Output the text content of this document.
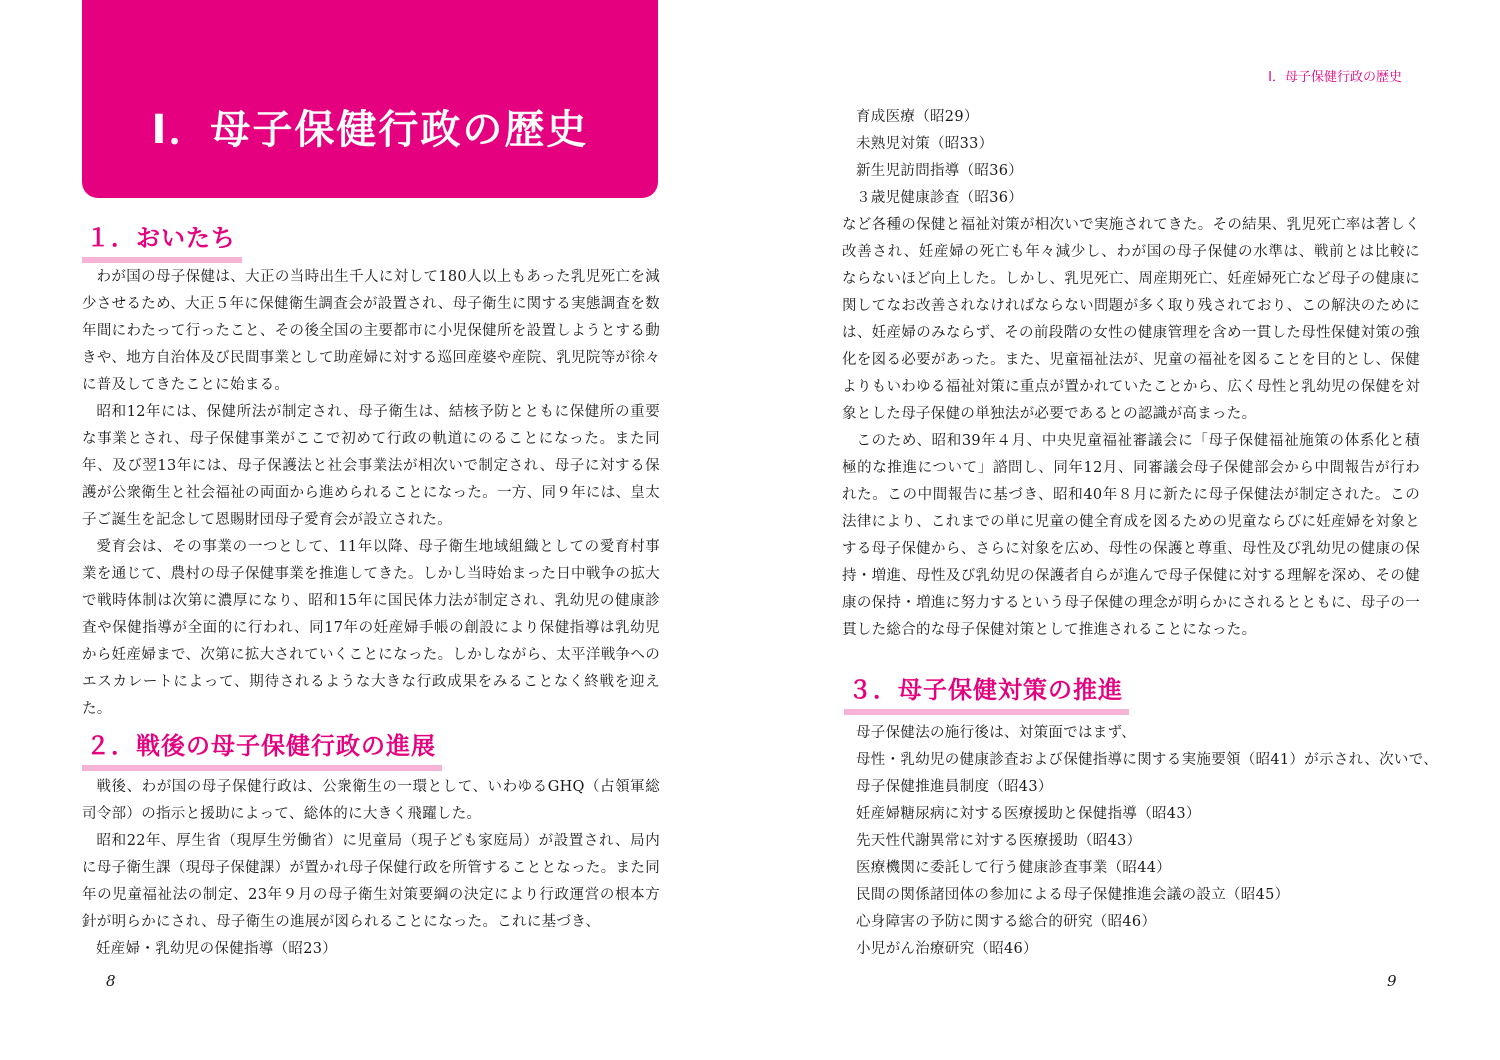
Ⅰ．母子保健行政の歴史
１．おいたち

わが国の母子保健は、大正の当時出生千人に対して180人以上もあった乳児死亡を減少させるため、大正５年に保健衛生調査会が設置され、母子衛生に関する実態調査を数年間にわたって行ったこと、その後全国の主要都市に小児保健所を設置しようとする動きや、地方自治体及び民間事業として助産婦に対する巡回産婆や産院、乳児院等が徐々に普及してきたことに始まる。

昭和12年には、保健所法が制定され、母子衛生は、結核予防とともに保健所の重要な事業とされ、母子保健事業がここで初めて行政の軌道にのることになった。また同年、及び翌13年には、母子保護法と社会事業法が相次いで制定され、母子に対する保護が公衆衛生と社会福祉の両面から進められることになった。一方、同９年には、皇太子ご誕生を記念して恩賜財団母子愛育会が設立された。

愛育会は、その事業の一つとして、11年以降、母子衛生地域組織としての愛育村事業を通じて、農村の母子保健事業を推進してきた。しかし当時始まった日中戦争の拡大で戦時体制は次第に濃厚になり、昭和15年に国民体力法が制定され、乳幼児の健康診査や保健指導が全面的に行われ、同17年の妊産婦手帳の創設により保健指導は乳幼児から妊産婦まで、次第に拡大されていくことになった。しかしながら、太平洋戦争へのエスカレートによって、期待されるような大きな行政成果をみることなく終戦を迎えた。

２．戦後の母子保健行政の進展

戦後、わが国の母子保健行政は、公衆衛生の一環として、いわゆるGHQ（占領軍総司令部）の指示と援助によって、総体的に大きく飛躍した。

昭和22年、厚生省（現厚生労働省）に児童局（現子ども家庭局）が設置され、局内に母子衛生課（現母子保健課）が置かれ母子保健行政を所管することとなった。また同年の児童福祉法の制定、23年９月の母子衛生対策要綱の決定により行政運営の根本方針が明らかにされ、母子衛生の進展が図られることになった。これに基づき、

妊産婦・乳幼児の保健指導（昭23）
8
Ⅰ．母子保健行政の歴史
育成医療（昭29）
未熟児対策（昭33）
新生児訪問指導（昭36）
３歳児健康診査（昭36）

など各種の保健と福祉対策が相次いで実施されてきた。その結果、乳児死亡率は著しく改善され、妊産婦の死亡も年々減少し、わが国の母子保健の水準は、戦前とは比較にならないほど向上した。しかし、乳児死亡、周産期死亡、妊産婦死亡など母子の健康に関してなお改善されなければならない問題が多く取り残されており、この解決のためには、妊産婦のみならず、その前段階の女性の健康管理を含め一貫した母性保健対策の強化を図る必要があった。また、児童福祉法が、児童の福祉を図ることを目的とし、保健よりもいわゆる福祉対策に重点が置かれていたことから、広く母性と乳幼児の保健を対象とした母子保健の単独法が必要であるとの認識が高まった。

このため、昭和39年４月、中央児童福祉審議会に「母子保健福祉施策の体系化と積極的な推進について」諮問し、同年12月、同審議会母子保健部会から中間報告が行われた。この中間報告に基づき、昭和40年８月に新たに母子保健法が制定された。この法律により、これまでの単に児童の健全育成を図るための児童ならびに妊産婦を対象とする母子保健から、さらに対象を広め、母性の保護と尊重、母性及び乳幼児の健康の保持・増進、母性及び乳幼児の保護者自らが進んで母子保健に対する理解を深め、その健康の保持・増進に努力するという母子保健の理念が明らかにされるとともに、母子の一貫した総合的な母子保健対策として推進されることになった。

３．母子保健対策の推進
母子保健法の施行後は、対策面ではまず、
母性・乳幼児の健康診査および保健指導に関する実施要領（昭41）が示され、次いで、
母子保健推進員制度（昭43）
妊産婦糖尿病に対する医療援助と保健指導（昭43）
先天性代謝異常に対する医療援助（昭43）
医療機関に委託して行う健康診査事業（昭44）
民間の関係諸団体の参加による母子保健推進会議の設立（昭45）
心身障害の予防に関する総合的研究（昭46）
小児がん治療研究（昭46）
9
